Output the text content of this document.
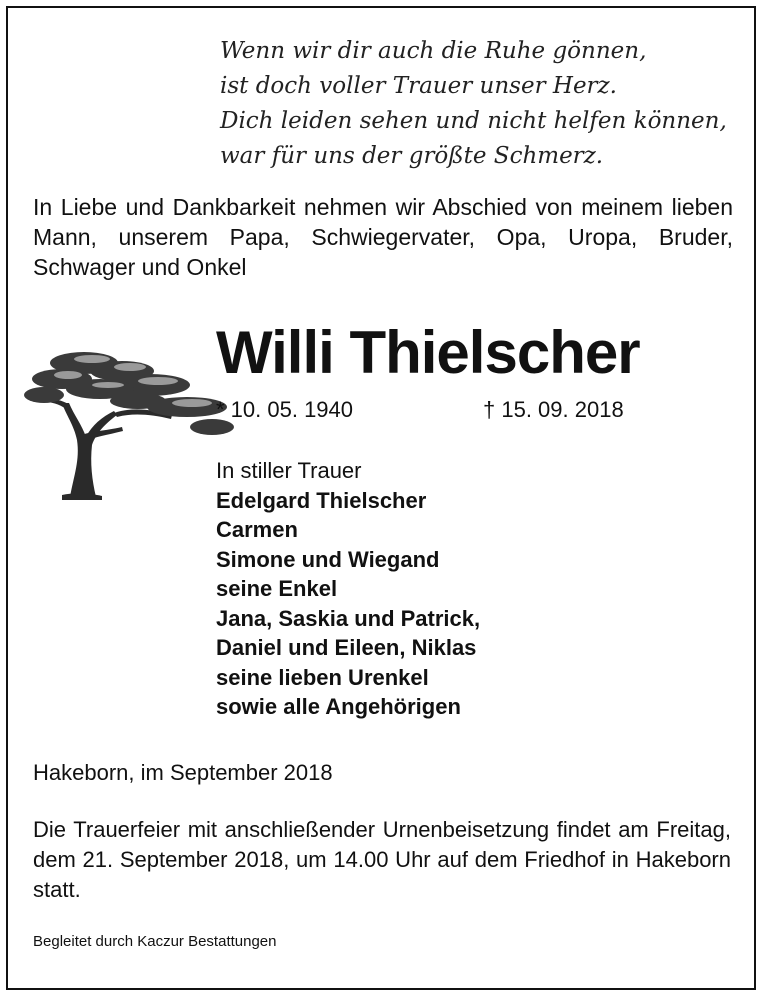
Wenn wir dir auch die Ruhe gönnen,
ist doch voller Trauer unser Herz.
Dich leiden sehen und nicht helfen können,
war für uns der größte Schmerz.
In Liebe und Dankbarkeit nehmen wir Abschied von meinem lieben Mann, unserem Papa, Schwiegervater, Opa, Uropa, Bruder, Schwager und Onkel
Willi Thielscher
* 10. 05. 1940	† 15. 09. 2018
In stiller Trauer
Edelgard Thielscher
Carmen
Simone und Wiegand
seine Enkel
Jana, Saskia und Patrick,
Daniel und Eileen, Niklas
seine lieben Urenkel
sowie alle Angehörigen
Hakeborn, im September 2018
Die Trauerfeier mit anschließender Urnenbeisetzung findet am Freitag, dem 21. September 2018, um 14.00 Uhr auf dem Friedhof in Hakeborn statt.
Begleitet durch Kaczur Bestattungen
